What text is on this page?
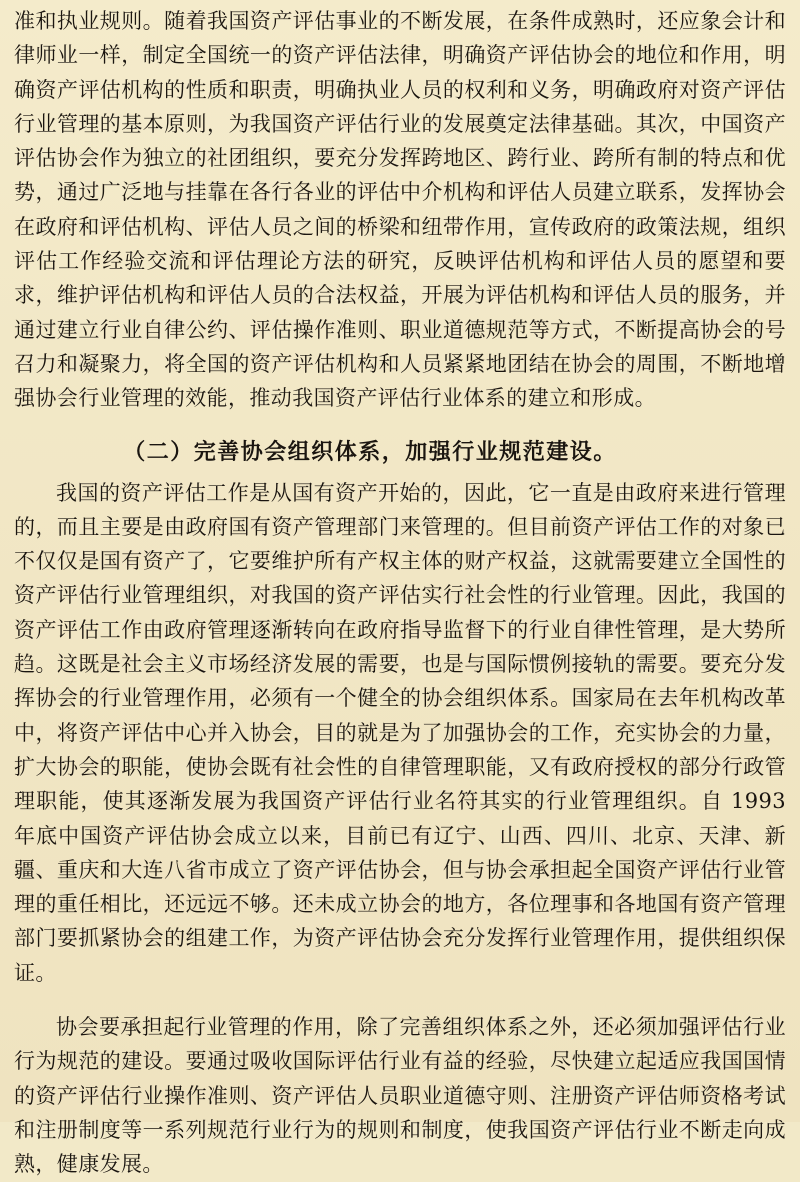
准和执业规则。随着我国资产评估事业的不断发展，在条件成熟时，还应象会计和律师业一样，制定全国统一的资产评估法律，明确资产评估协会的地位和作用，明确资产评估机构的性质和职责，明确执业人员的权利和义务，明确政府对资产评估行业管理的基本原则，为我国资产评估行业的发展奠定法律基础。其次，中国资产评估协会作为独立的社团组织，要充分发挥跨地区、跨行业、跨所有制的特点和优势，通过广泛地与挂靠在各行各业的评估中介机构和评估人员建立联系，发挥协会在政府和评估机构、评估人员之间的桥梁和纽带作用，宣传政府的政策法规，组织评估工作经验交流和评估理论方法的研究，反映评估机构和评估人员的愿望和要求，维护评估机构和评估人员的合法权益，开展为评估机构和评估人员的服务，并通过建立行业自律公约、评估操作准则、职业道德规范等方式，不断提高协会的号召力和凝聚力，将全国的资产评估机构和人员紧紧地团结在协会的周围，不断地增强协会行业管理的效能，推动我国资产评估行业体系的建立和形成。

（二）完善协会组织体系，加强行业规范建设。

我国的资产评估工作是从国有资产开始的，因此，它一直是由政府来进行管理的，而且主要是由政府国有资产管理部门来管理的。但目前资产评估工作的对象已不仅仅是国有资产了，它要维护所有产权主体的财产权益，这就需要建立全国性的资产评估行业管理组织，对我国的资产评估实行社会性的行业管理。因此，我国的资产评估工作由政府管理逐渐转向在政府指导监督下的行业自律性管理，是大势所趋。这既是社会主义市场经济发展的需要，也是与国际惯例接轨的需要。要充分发挥协会的行业管理作用，必须有一个健全的协会组织体系。国家局在去年机构改革中，将资产评估中心并入协会，目的就是为了加强协会的工作，充实协会的力量，扩大协会的职能，使协会既有社会性的自律管理职能，又有政府授权的部分行政管理职能，使其逐渐发展为我国资产评估行业名符其实的行业管理组织。自 1993 年底中国资产评估协会成立以来，目前已有辽宁、山西、四川、北京、天津、新疆、重庆和大连八省市成立了资产评估协会，但与协会承担起全国资产评估行业管理的重任相比，还远远不够。还未成立协会的地方，各位理事和各地国有资产管理部门要抓紧协会的组建工作，为资产评估协会充分发挥行业管理作用，提供组织保证。

协会要承担起行业管理的作用，除了完善组织体系之外，还必须加强评估行业行为规范的建设。要通过吸收国际评估行业有益的经验，尽快建立起适应我国国情的资产评估行业操作准则、资产评估人员职业道德守则、注册资产评估师资格考试和注册制度等一系列规范行业行为的规则和制度，使我国资产评估行业不断走向成熟，健康发展。
